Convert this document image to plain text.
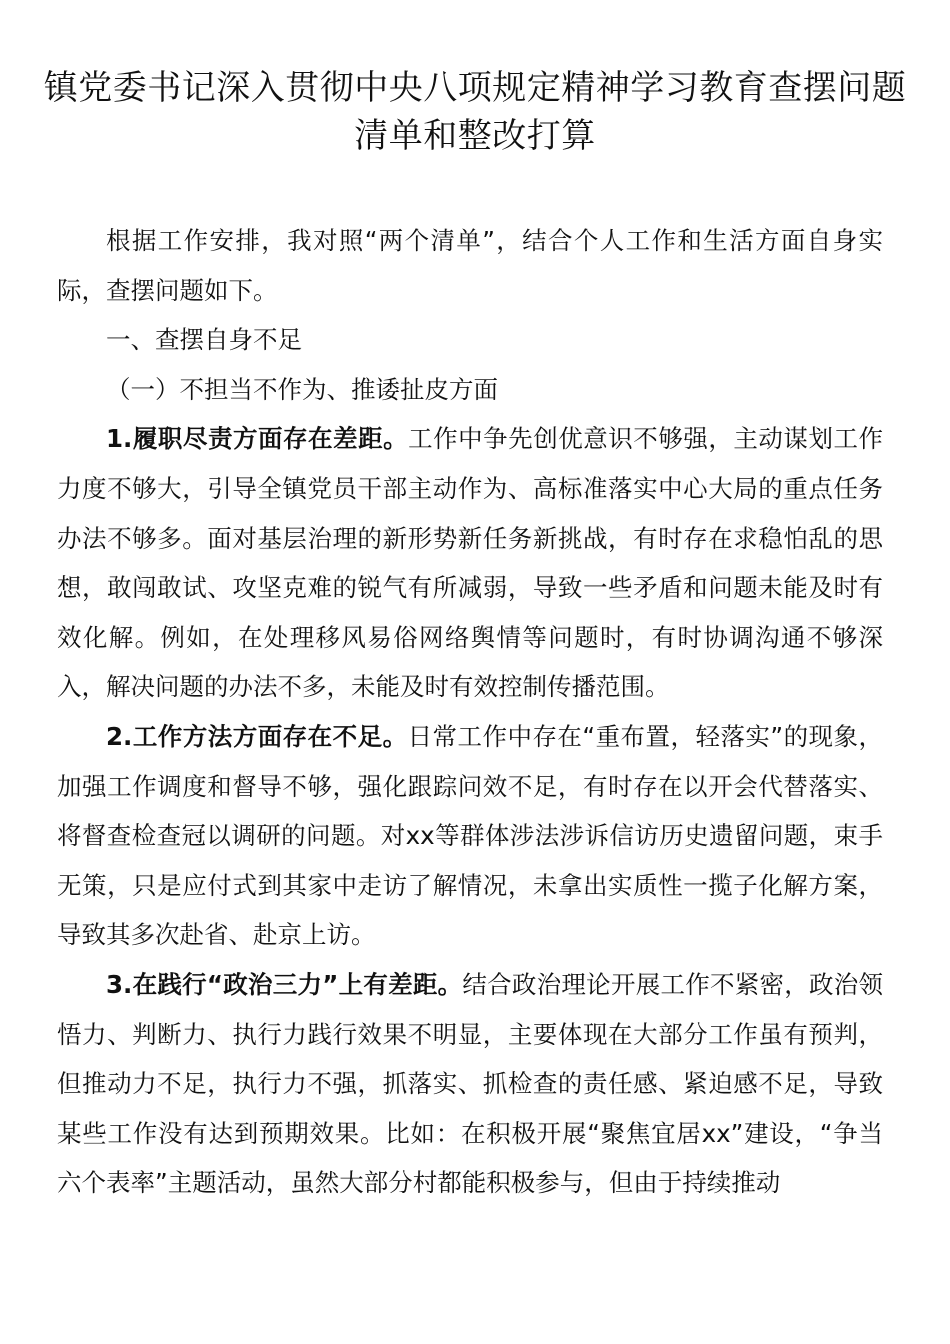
镇党委书记深入贯彻中央八项规定精神学习教育查摆问题清单和整改打算

根据工作安排，我对照“两个清单”，结合个人工作和生活方面自身实际，查摆问题如下。

一、查摆自身不足

（一）不担当不作为、推诿扯皮方面

1.履职尽责方面存在差距。工作中争先创优意识不够强，主动谋划工作力度不够大，引导全镇党员干部主动作为、高标准落实中心大局的重点任务办法不够多。面对基层治理的新形势新任务新挑战，有时存在求稳怕乱的思想，敢闯敢试、攻坚克难的锐气有所减弱，导致一些矛盾和问题未能及时有效化解。例如，在处理移风易俗网络舆情等问题时，有时协调沟通不够深入，解决问题的办法不多，未能及时有效控制传播范围。

2.工作方法方面存在不足。日常工作中存在“重布置，轻落实”的现象，加强工作调度和督导不够，强化跟踪问效不足，有时存在以开会代替落实、将督查检查冠以调研的问题。对xx等群体涉法涉诉信访历史遗留问题，束手无策，只是应付式到其家中走访了解情况，未拿出实质性一揽子化解方案，导致其多次赴省、赴京上访。

3.在践行“政治三力”上有差距。结合政治理论开展工作不紧密，政治领悟力、判断力、执行力践行效果不明显，主要体现在大部分工作虽有预判，但推动力不足，执行力不强，抓落实、抓检查的责任感、紧迫感不足，导致某些工作没有达到预期效果。比如：在积极开展“聚焦宜居xx”建设，“争当六个表率”主题活动，虽然大部分村都能积极参与，但由于持续推动
